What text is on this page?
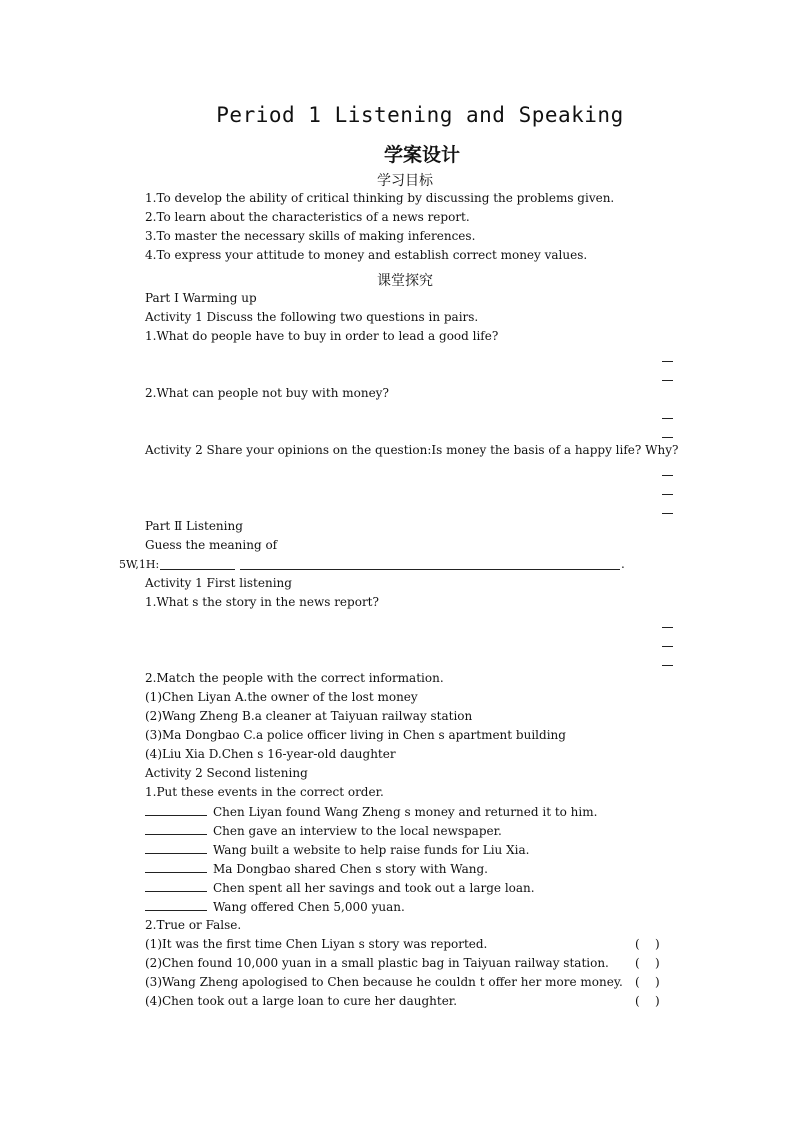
Period 1 Listening and Speaking
学案设计
学习目标
1.To develop the ability of critical thinking by discussing the problems given.
2.To learn about the characteristics of a news report.
3.To master the necessary skills of making inferences.
4.To express your attitude to money and establish correct money values.
课堂探究
Part Ⅰ Warming up
Activity 1 Discuss the following two questions in pairs.
1.What do people have to buy in order to lead a good life?
2.What can people not buy with money?
Activity 2 Share your opinions on the question:Is money the basis of a happy life? Why?
Part Ⅱ Listening
Guess the meaning of
5W,1H:	.
Activity 1 First listening
1.What s the story in the news report?
2.Match the people with the correct information.
(1)Chen Liyan A.the owner of the lost money
(2)Wang Zheng B.a cleaner at Taiyuan railway station
(3)Ma Dongbao C.a police officer living in Chen s apartment building
(4)Liu Xia D.Chen s 16-year-old daughter
Activity 2 Second listening
1.Put these events in the correct order.
Chen Liyan found Wang Zheng s money and returned it to him.
Chen gave an interview to the local newspaper.
Wang built a website to help raise funds for Liu Xia.
Ma Dongbao shared Chen s story with Wang.
Chen spent all her savings and took out a large loan.
Wang offered Chen 5,000 yuan.
2.True or False.
(1)It was the first time Chen Liyan s story was reported.	(    )
(2)Chen found 10,000 yuan in a small plastic bag in Taiyuan railway station. (    )
(3)Wang Zheng apologised to Chen because he couldn t offer her more money. (    )
(4)Chen took out a large loan to cure her daughter.	(    )
